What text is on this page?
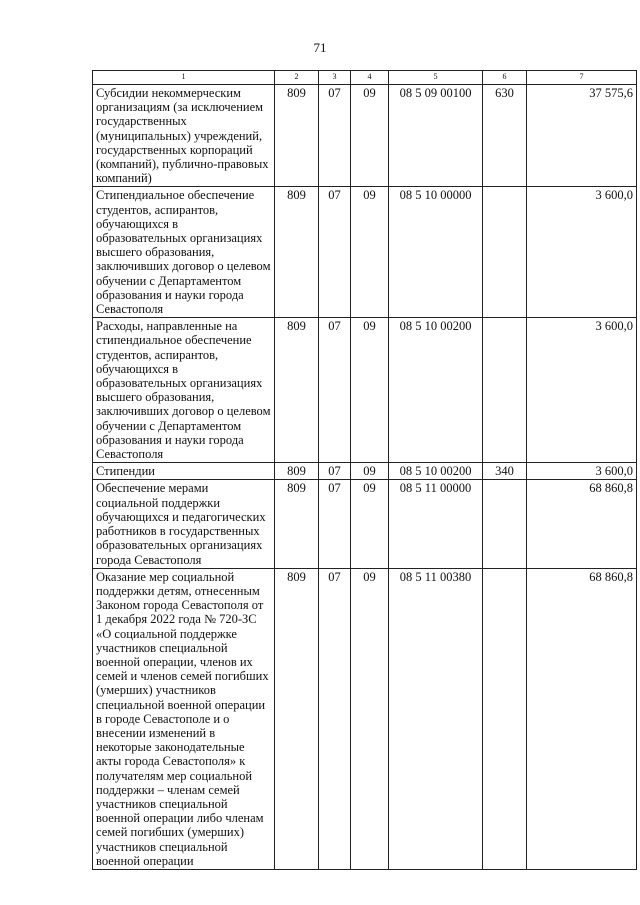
71
1	2	3	4	5	6	7
Субсидии некоммерческим организациям (за исключением государственных (муниципальных) учреждений, государственных корпораций (компаний), публично-правовых компаний)	809	07	09	08 5 09 00100	630	37 575,6
Стипендиальное обеспечение студентов, аспирантов, обучающихся в образовательных организациях высшего образования, заключивших договор о целевом обучении с Департаментом образования и науки города Севастополя	809	07	09	08 5 10 00000		3 600,0
Расходы, направленные на стипендиальное обеспечение студентов, аспирантов, обучающихся в образовательных организациях высшего образования, заключивших договор о целевом обучении с Департаментом образования и науки города Севастополя	809	07	09	08 5 10 00200		3 600,0
Стипендии	809	07	09	08 5 10 00200	340	3 600,0
Обеспечение мерами социальной поддержки обучающихся и педагогических работников в государственных образовательных организациях города Севастополя	809	07	09	08 5 11 00000		68 860,8
Оказание мер социальной поддержки детям, отнесенным Законом города Севастополя от 1 декабря 2022 года № 720-ЗС «О социальной поддержке участников специальной военной операции, членов их семей и членов семей погибших (умерших) участников специальной военной операции в городе Севастополе и о внесении изменений в некоторые законодательные акты города Севастополя» к получателям мер социальной поддержки – членам семей участников специальной военной операции либо членам семей погибших (умерших) участников специальной военной операции	809	07	09	08 5 11 00380		68 860,8
